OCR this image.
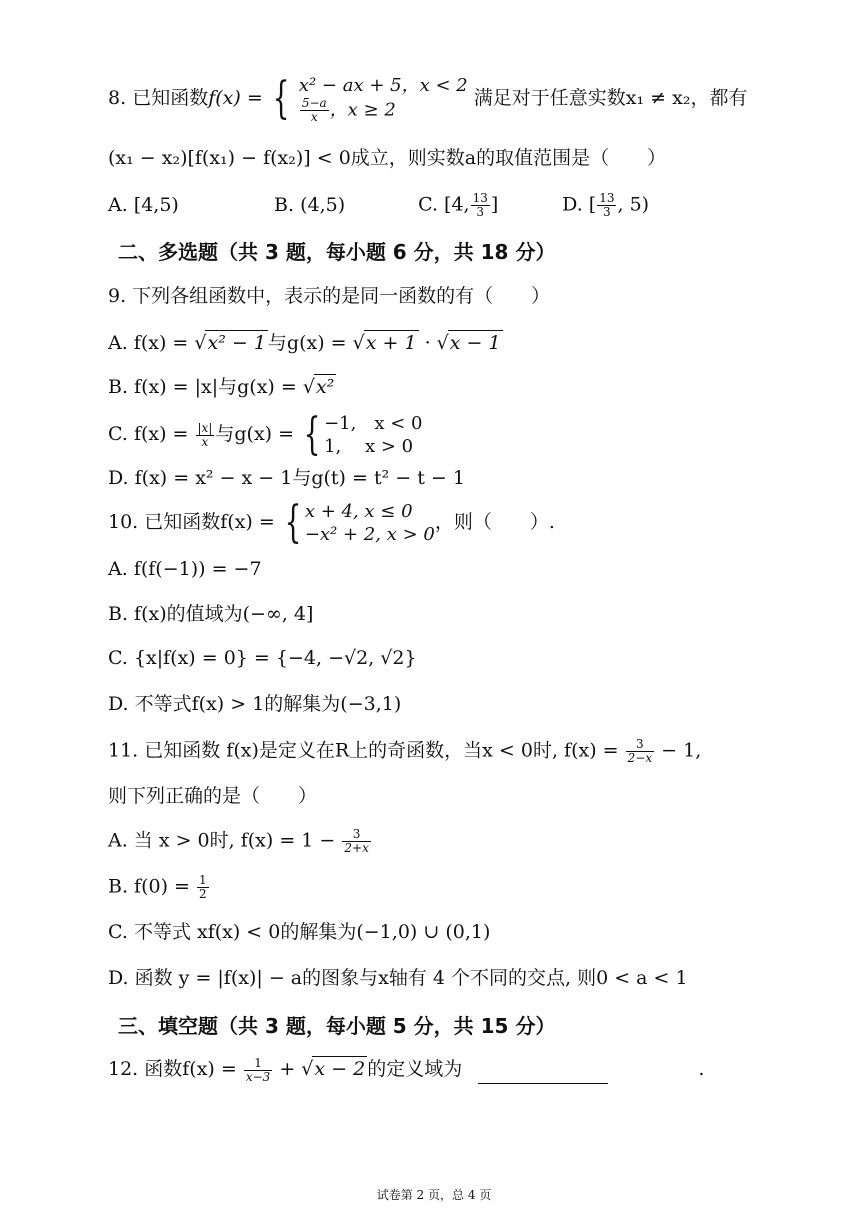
8. 已知函数f(x) = { x² − ax + 5，x < 2
$\frac{5-a}{x}$ ，x ≥ 2
满足对于任意实数x₁ ≠ x₂，都有
(x₁ − x₂)[f(x₁) − f(x₂)] < 0成立，则实数a的取值范围是（　　）
A. [4,5)	B. (4,5)	C. [4, $\frac{13}{3}$ ]	D. [ $\frac{13}{3}$ , 5)
二、多选题（共 3 题，每小题 6 分，共 18 分）
9. 下列各组函数中，表示的是同一函数的有（　　）
A. f(x) = √x² − 1 与g(x) = √x + 1 · √x − 1
B. f(x) = |x|与g(x) = √x²
C. $f(x) = \frac{|x|}{x}$ 与g(x) = { −1,　x < 0
1,　 x > 0
D. f(x) = x² − x − 1与g(t) = t² − t − 1
10. 已知函数f(x) = { x + 4, x ≤ 0
−x² + 2, x > 0
，则（　　）.
A. f(f(−1)) = −7
B. f(x)的值域为(−∞, 4]
C. {x|f(x) = 0} = {−4, −√2, √2}
D. 不等式f(x) > 1的解集为(−3,1)
11. 已知函数 f(x)是定义在R上的奇函数，当x < 0时, $f(x) = \frac{3}{2-x} - 1$,
则下列正确的是（　　）
A. 当 x > 0时, $f(x) = 1 - \frac{3}{2+x}$
B. $f(0) = \frac{1}{2}$
C. 不等式 xf(x) < 0的解集为(−1,0) ∪ (0,1)
D. 函数 y = |f(x)| − a的图象与x轴有 4 个不同的交点, 则0 < a < 1
三、填空题（共 3 题，每小题 5 分，共 15 分）
12. 函数$f(x) = \frac{1}{x-3} + √x - 2$ 的定义域为	.
试卷第 2 页，总 4 页
